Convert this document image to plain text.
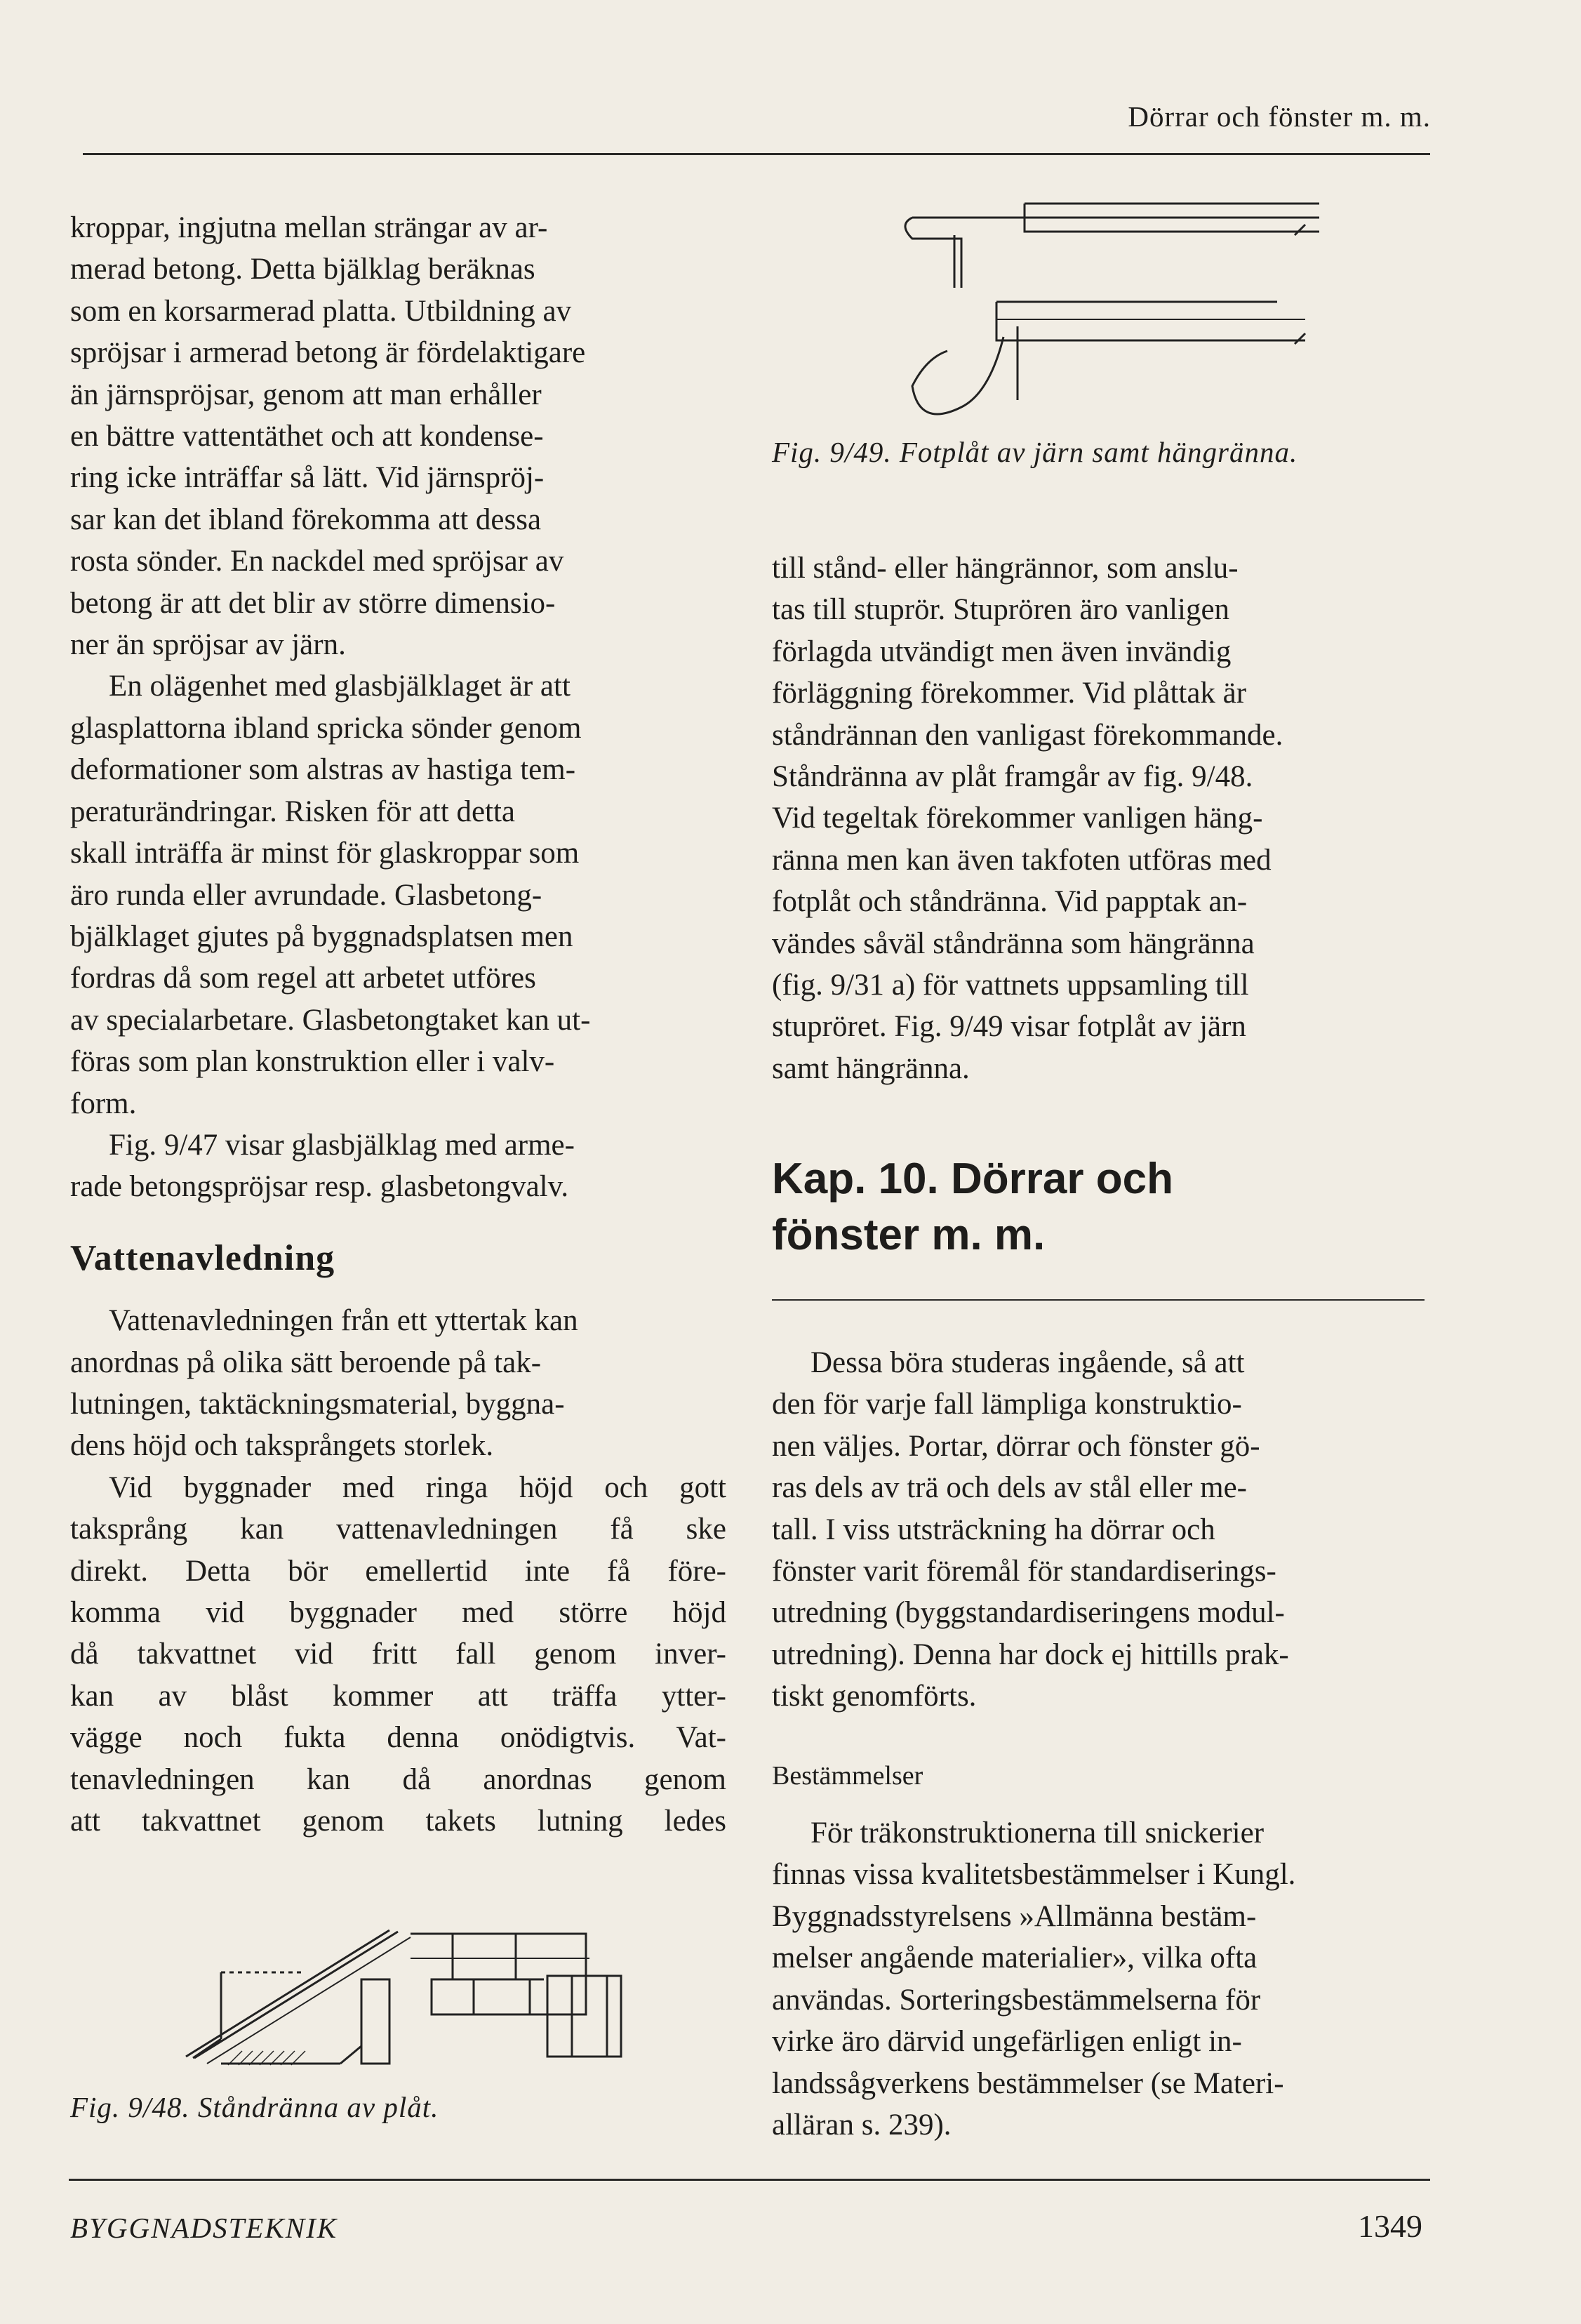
Dörrar och fönster m. m.

kroppar, ingjutna mellan strängar av ar-
merad betong. Detta bjälklag beräknas
som en korsarmerad platta. Utbildning av
spröjsar i armerad betong är fördelaktigare
än järnspröjsar, genom att man erhåller
en bättre vattentäthet och att kondense-
ring icke inträffar så lätt. Vid järnspröj-
sar kan det ibland förekomma att dessa
rosta sönder. En nackdel med spröjsar av
betong är att det blir av större dimensio-
ner än spröjsar av järn.

En olägenhet med glasbjälklaget är att
glasplattorna ibland spricka sönder genom
deformationer som alstras av hastiga tem-
peraturändringar. Risken för att detta
skall inträffa är minst för glaskroppar som
äro runda eller avrundade. Glasbetong-
bjälklaget gjutes på byggnadsplatsen men
fordras då som regel att arbetet utföres
av specialarbetare. Glasbetongtaket kan ut-
föras som plan konstruktion eller i valv-
form.

Fig. 9/47 visar glasbjälklag med arme-
rade betongspröjsar resp. glasbetongvalv.

Vattenavledning

Vattenavledningen från ett yttertak kan
anordnas på olika sätt beroende på tak-
lutningen, taktäckningsmaterial, byggna-
dens höjd och taksprångets storlek.

Vid byggnader med ringa höjd och gott
taksprång kan vattenavledningen få ske
direkt. Detta bör emellertid inte få före-
komma vid byggnader med större höjd
då takvattnet vid fritt fall genom inver-
kan av blåst kommer att träffa ytter-
vägge noch fukta denna onödigtvis. Vat-
tenavledningen kan då anordnas genom
att takvattnet genom takets lutning ledes

Fig. 9/48. Ståndränna av plåt.
Fig. 9/49. Fotplåt av järn samt hängränna.

till stånd- eller hängrännor, som anslu-
tas till stuprör. Stuprören äro vanligen
förlagda utvändigt men även invändig
förläggning förekommer. Vid plåttak är
ståndrännan den vanligast förekommande.
Ståndränna av plåt framgår av fig. 9/48.
Vid tegeltak förekommer vanligen häng-
ränna men kan även takfoten utföras med
fotplåt och ståndränna. Vid papptak an-
vändes såväl ståndränna som hängränna
(fig. 9/31 a) för vattnets uppsamling till
stupröret. Fig. 9/49 visar fotplåt av järn
samt hängränna.

Kap. 10. Dörrar och
fönster m. m.

Dessa böra studeras ingående, så att
den för varje fall lämpliga konstruktio-
nen väljes. Portar, dörrar och fönster gö-
ras dels av trä och dels av stål eller me-
tall. I viss utsträckning ha dörrar och
fönster varit föremål för standardiserings-
utredning (byggstandardiseringens modul-
utredning). Denna har dock ej hittills prak-
tiskt genomförts.

Bestämmelser

För träkonstruktionerna till snickerier
finnas vissa kvalitetsbestämmelser i Kungl.
Byggnadsstyrelsens »Allmänna bestäm-
melser angående materialier», vilka ofta
användas. Sorteringsbestämmelserna för
virke äro därvid ungefärligen enligt in-
landssågverkens bestämmelser (se Materi-
alläran s. 239).

BYGGNADSTEKNIK	1349
